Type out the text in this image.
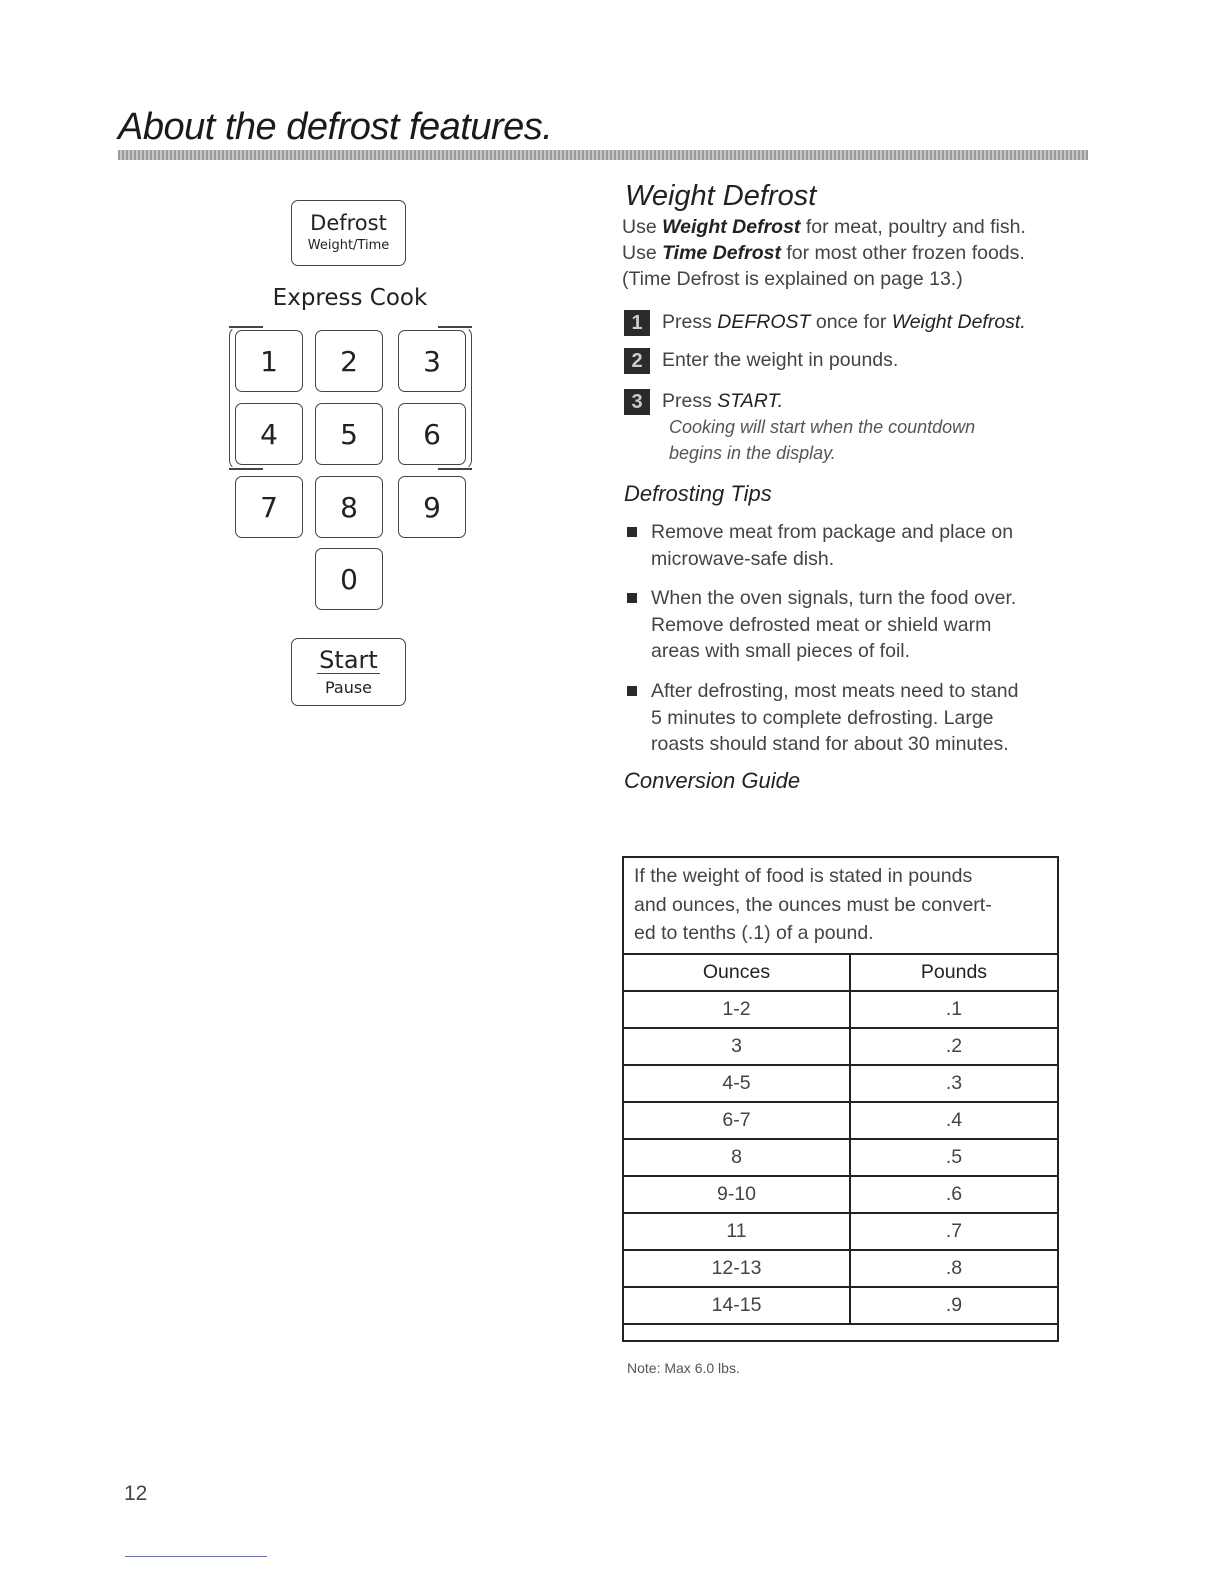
About the defrost features.
Defrost
Weight/Time
Express Cook
1	2	3
4	5	6
7	8	9
0
Start
Pause
Weight Defrost
Use Weight Defrost for meat, poultry and fish.
Use Time Defrost for most other frozen foods.
(Time Defrost is explained on page 13.)
1 Press DEFROST once for Weight Defrost.
2 Enter the weight in pounds.
3 Press START.
Cooking will start when the countdown
begins in the display.
Defrosting Tips
Remove meat from package and place on
microwave-safe dish.
When the oven signals, turn the food over.
Remove defrosted meat or shield warm
areas with small pieces of foil.
After defrosting, most meats need to stand
5 minutes to complete defrosting. Large
roasts should stand for about 30 minutes.
Conversion Guide
If the weight of food is stated in pounds
and ounces, the ounces must be convert-
ed to tenths (.1) of a pound.
Ounces	Pounds
1-2	.1
3	.2
4-5	.3
6-7	.4
8	.5
9-10	.6
11	.7
12-13	.8
14-15	.9
Note: Max 6.0 lbs.
12
